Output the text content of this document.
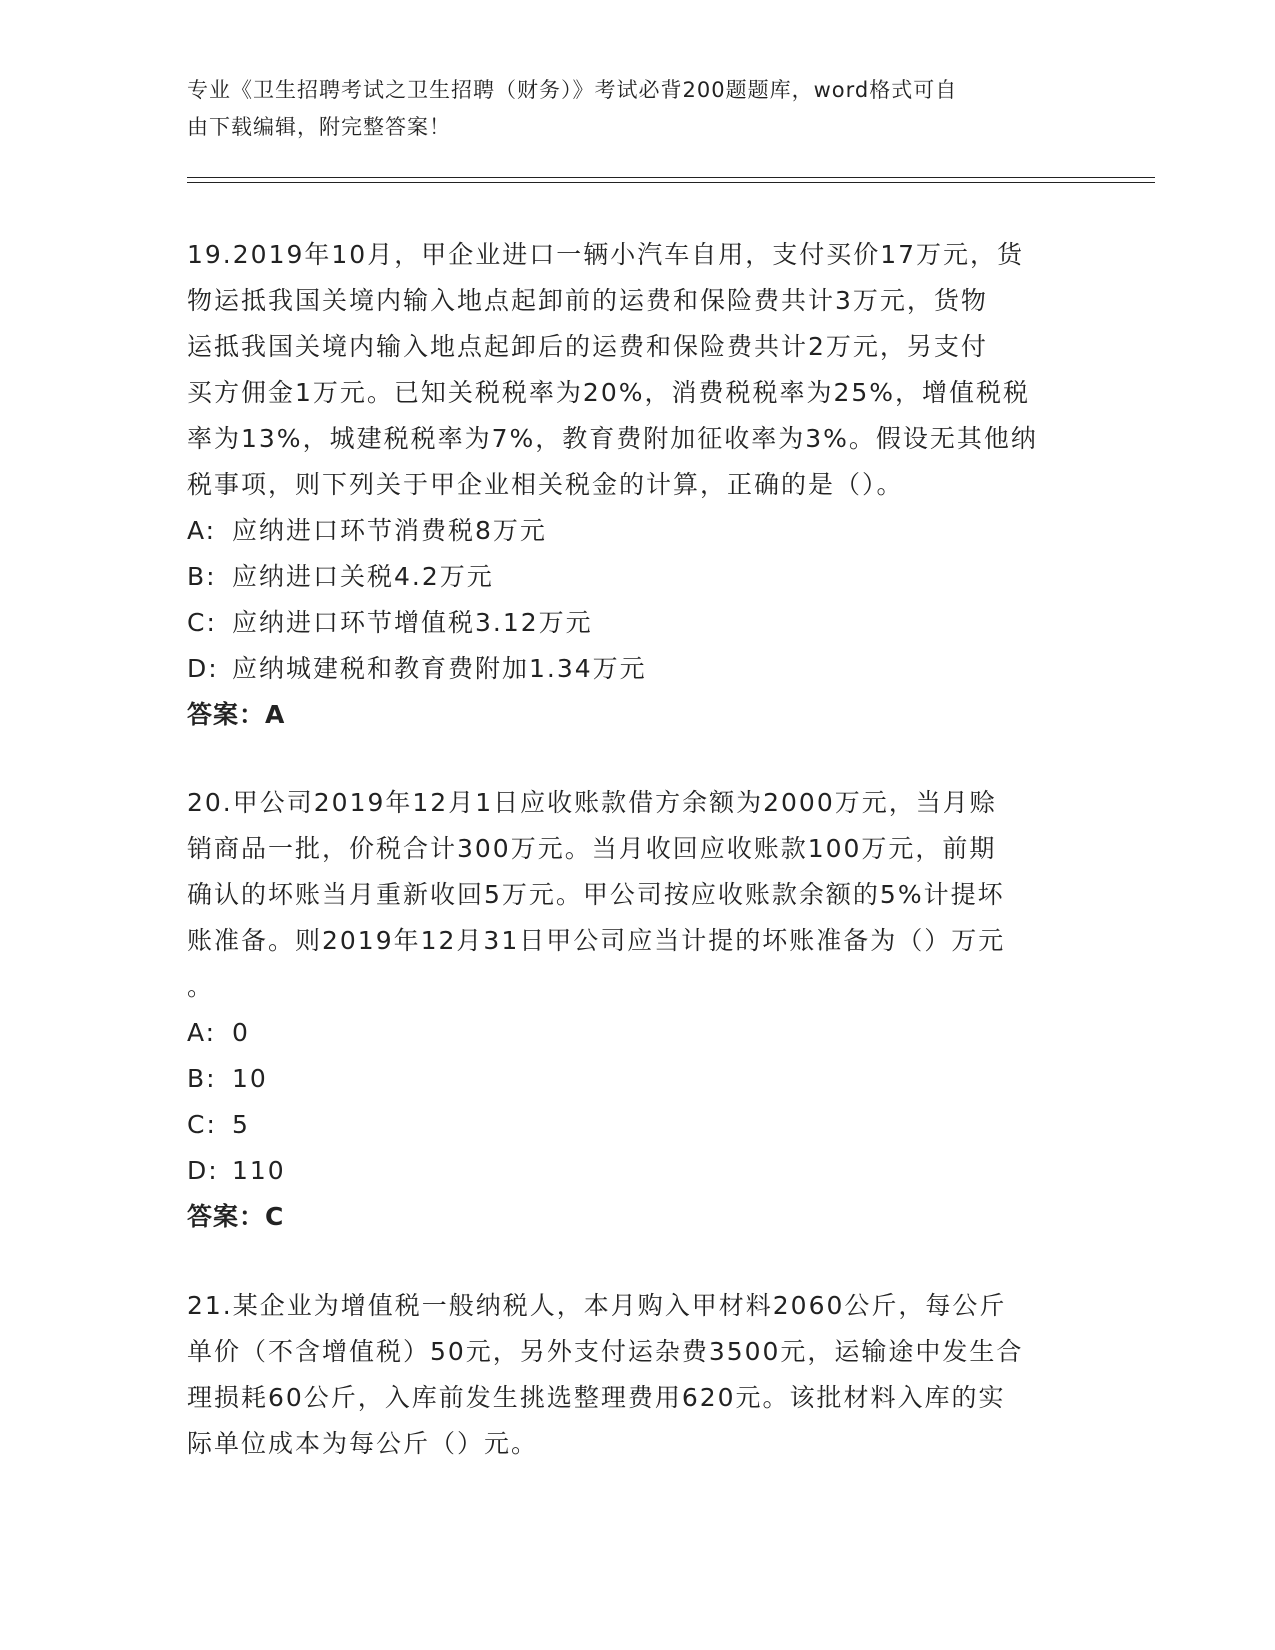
专业《卫生招聘考试之卫生招聘（财务）》考试必背200题题库，word格式可自
由下载编辑，附完整答案！

19.2019年10月，甲企业进口一辆小汽车自用，支付买价17万元，货

物运抵我国关境内输入地点起卸前的运费和保险费共计3万元，货物

运抵我国关境内输入地点起卸后的运费和保险费共计2万元，另支付

买方佣金1万元。已知关税税率为20%，消费税税率为25%，增值税税

率为13%，城建税税率为7%，教育费附加征收率为3%。假设无其他纳

税事项，则下列关于甲企业相关税金的计算，正确的是（）。

A: 应纳进口环节消费税8万元

B: 应纳进口关税4.2万元

C: 应纳进口环节增值税3.12万元

D: 应纳城建税和教育费附加1.34万元

答案：A

20.甲公司2019年12月1日应收账款借方余额为2000万元，当月赊

销商品一批，价税合计300万元。当月收回应收账款100万元，前期

确认的坏账当月重新收回5万元。甲公司按应收账款余额的5%计提坏

账准备。则2019年12月31日甲公司应当计提的坏账准备为（）万元

。

A: 0

B: 10

C: 5

D: 110

答案：C

21.某企业为增值税一般纳税人，本月购入甲材料2060公斤，每公斤

单价（不含增值税）50元，另外支付运杂费3500元，运输途中发生合

理损耗60公斤，入库前发生挑选整理费用620元。该批材料入库的实

际单位成本为每公斤（）元。
